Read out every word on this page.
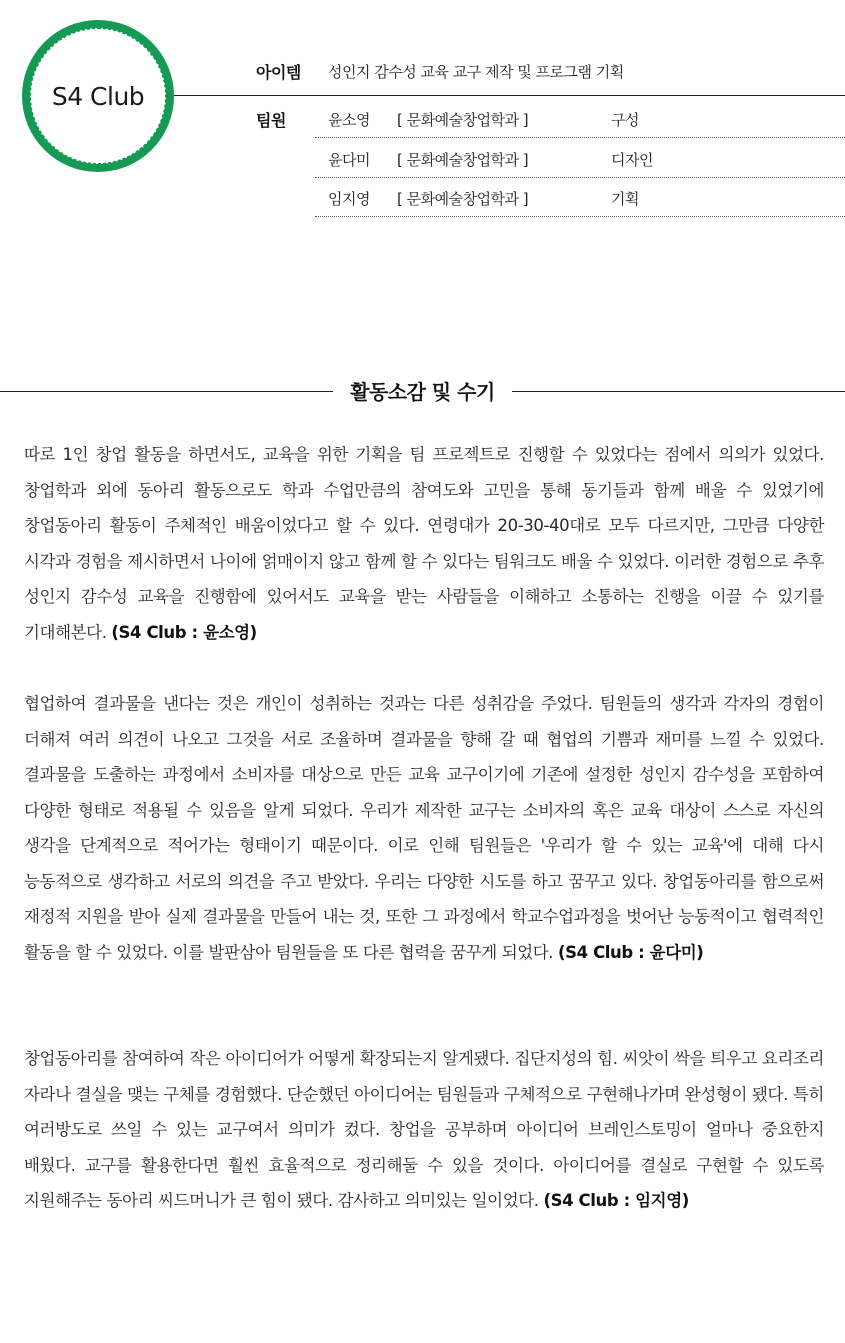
S4 Club
아이템 성인지 감수성 교육 교구 제작 및 프로그램 기획
팀원	윤소영 [ 문화예술창업학과 ]	구성
윤다미 [ 문화예술창업학과 ]	디자인
임지영 [ 문화예술창업학과 ]	기획
활동소감 및 수기

따로 1인 창업 활동을 하면서도, 교육을 위한 기획을 팀 프로젝트로 진행할 수 있었다는 점에서 의의가 있었다. 창업학과 외에 동아리 활동으로도 학과 수업만큼의 참여도와 고민을 통해 동기들과 함께 배울 수 있었기에 창업동아리 활동이 주체적인 배움이었다고 할 수 있다. 연령대가 20-30-40대로 모두 다르지만, 그만큼 다양한 시각과 경험을 제시하면서 나이에 얽매이지 않고 함께 할 수 있다는 팀워크도 배울 수 있었다. 이러한 경험으로 추후 성인지 감수성 교육을 진행함에 있어서도 교육을 받는 사람들을 이해하고 소통하는 진행을 이끌 수 있기를 기대해본다. (S4 Club : 윤소영)

협업하여 결과물을 낸다는 것은 개인이 성취하는 것과는 다른 성취감을 주었다. 팀원들의 생각과 각자의 경험이 더해져 여러 의견이 나오고 그것을 서로 조율하며 결과물을 향해 갈 때 협업의 기쁨과 재미를 느낄 수 있었다. 결과물을 도출하는 과정에서 소비자를 대상으로 만든 교육 교구이기에 기존에 설정한 성인지 감수성을 포함하여 다양한 형태로 적용될 수 있음을 알게 되었다. 우리가 제작한 교구는 소비자의 혹은 교육 대상이 스스로 자신의 생각을 단계적으로 적어가는 형태이기 때문이다. 이로 인해 팀원들은 '우리가 할 수 있는 교육'에 대해 다시 능동적으로 생각하고 서로의 의견을 주고 받았다. 우리는 다양한 시도를 하고 꿈꾸고 있다. 창업동아리를 함으로써 재정적 지원을 받아 실제 결과물을 만들어 내는 것, 또한 그 과정에서 학교수업과정을 벗어난 능동적이고 협력적인 활동을 할 수 있었다. 이를 발판삼아 팀원들을 또 다른 협력을 꿈꾸게 되었다. (S4 Club : 윤다미)

창업동아리를 참여하여 작은 아이디어가 어떻게 확장되는지 알게됐다. 집단지성의 힘. 씨앗이 싹을 틔우고 요리조리 자라나 결실을 맺는 구체를 경험했다. 단순했던 아이디어는 팀원들과 구체적으로 구현해나가며 완성형이 됐다. 특히 여러방도로 쓰일 수 있는 교구여서 의미가 컸다. 창업을 공부하며 아이디어 브레인스토밍이 얼마나 중요한지 배웠다. 교구를 활용한다면 훨씬 효율적으로 정리해둘 수 있을 것이다. 아이디어를 결실로 구현할 수 있도록 지원해주는 동아리 씨드머니가 큰 힘이 됐다. 감사하고 의미있는 일이었다. (S4 Club : 임지영)
